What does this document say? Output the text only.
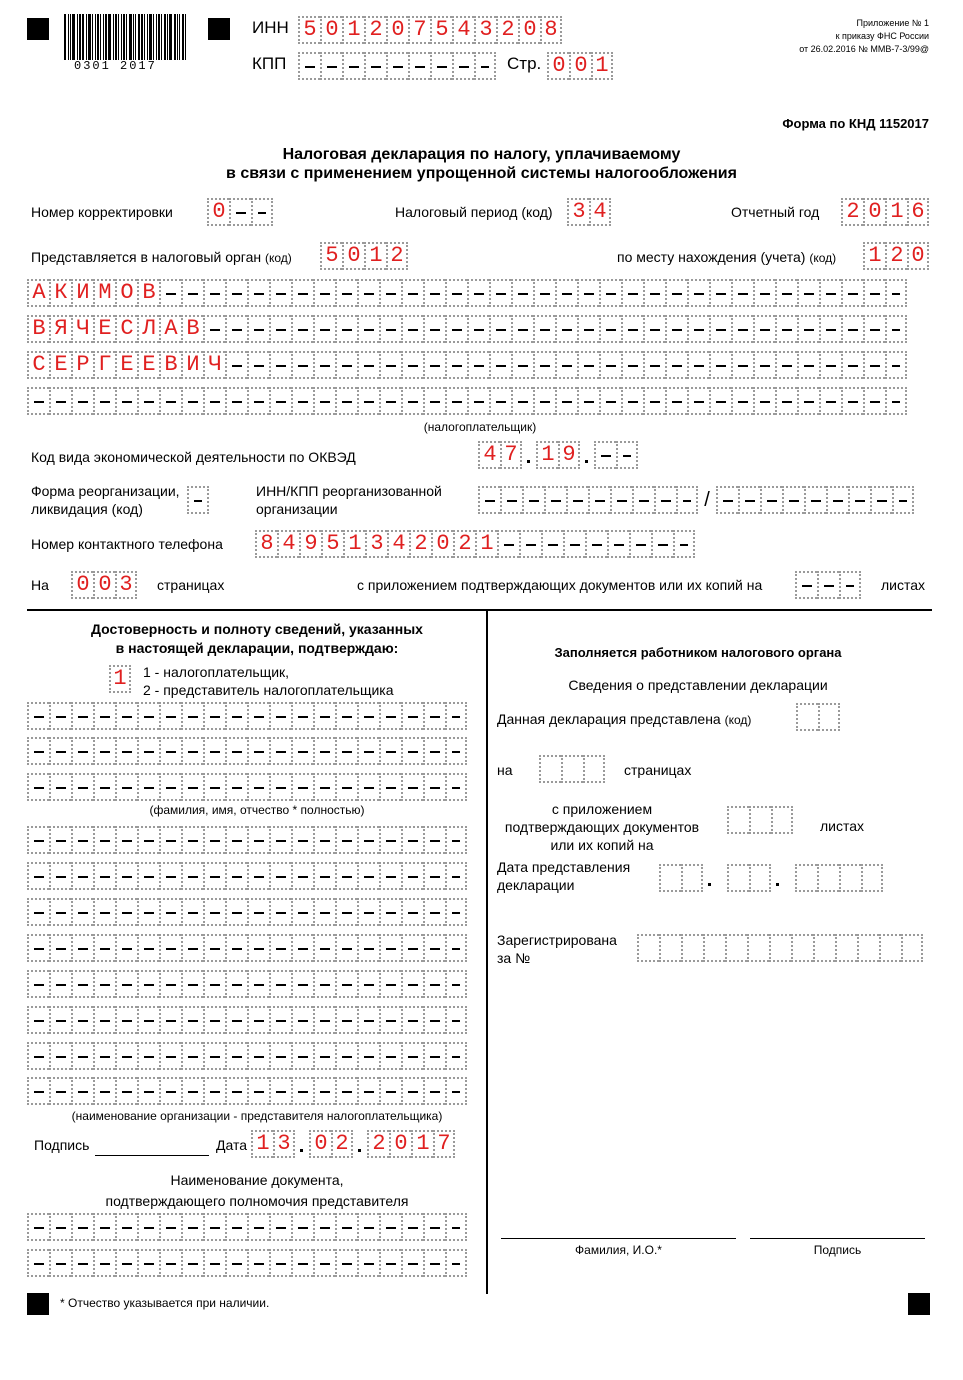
0301 2017
ИНН 5 0 1 2 0 7 5 4 3 2 0 8
КПП	Стр. 0 0 1
Приложение № 1
к приказу ФНС России
от 26.02.2016 № ММВ-7-3/99@
Форма по КНД 1152017
Налоговая декларация по налогу, уплачиваемому
в связи с применением упрощенной системы налогообложения
Номер корректировки 0	Налоговый период (код) 3 4	Отчетный год 2 0 1 6
Представляется в налоговый орган (код) 5 0 1 2	по месту нахождения (учета) (код) 1 2 0
А К И М О В
В Я Ч Е С Л А В
С Е Р Г Е Е В И Ч
(налогоплательщик)
Код вида экономической деятельности по ОКВЭД	4 7 1 9
Форма реорганизации,
ликвидация (код)
ИНН/КПП реорганизованной
организации	/
Номер контактного телефона 8 4 9 5 1 3 4 2 0 2 1
На 0 0 3	страницах	с приложением подтверждающих документов или их копий на	листах
Достоверность и полноту сведений, указанных
в настоящей декларации, подтверждаю:
1	1 - налогоплательщик,
2 - представитель налогоплательщика
(фамилия, имя, отчество * полностью)
(наименование организации - представителя налогоплательщика)
Подпись	Дата 1 3 0 2 2 0 1 7
Наименование документа,
подтверждающего полномочия представителя
Заполняется работником налогового органа
Сведения о представлении декларации
Данная декларация представлена (код)
на	страницах
с приложением
подтверждающих документов
или их копий на
листах
Дата представления
декларации
Зарегистрирована
за №
Фамилия, И.О.*	Подпись
* Отчество указывается при наличии.
